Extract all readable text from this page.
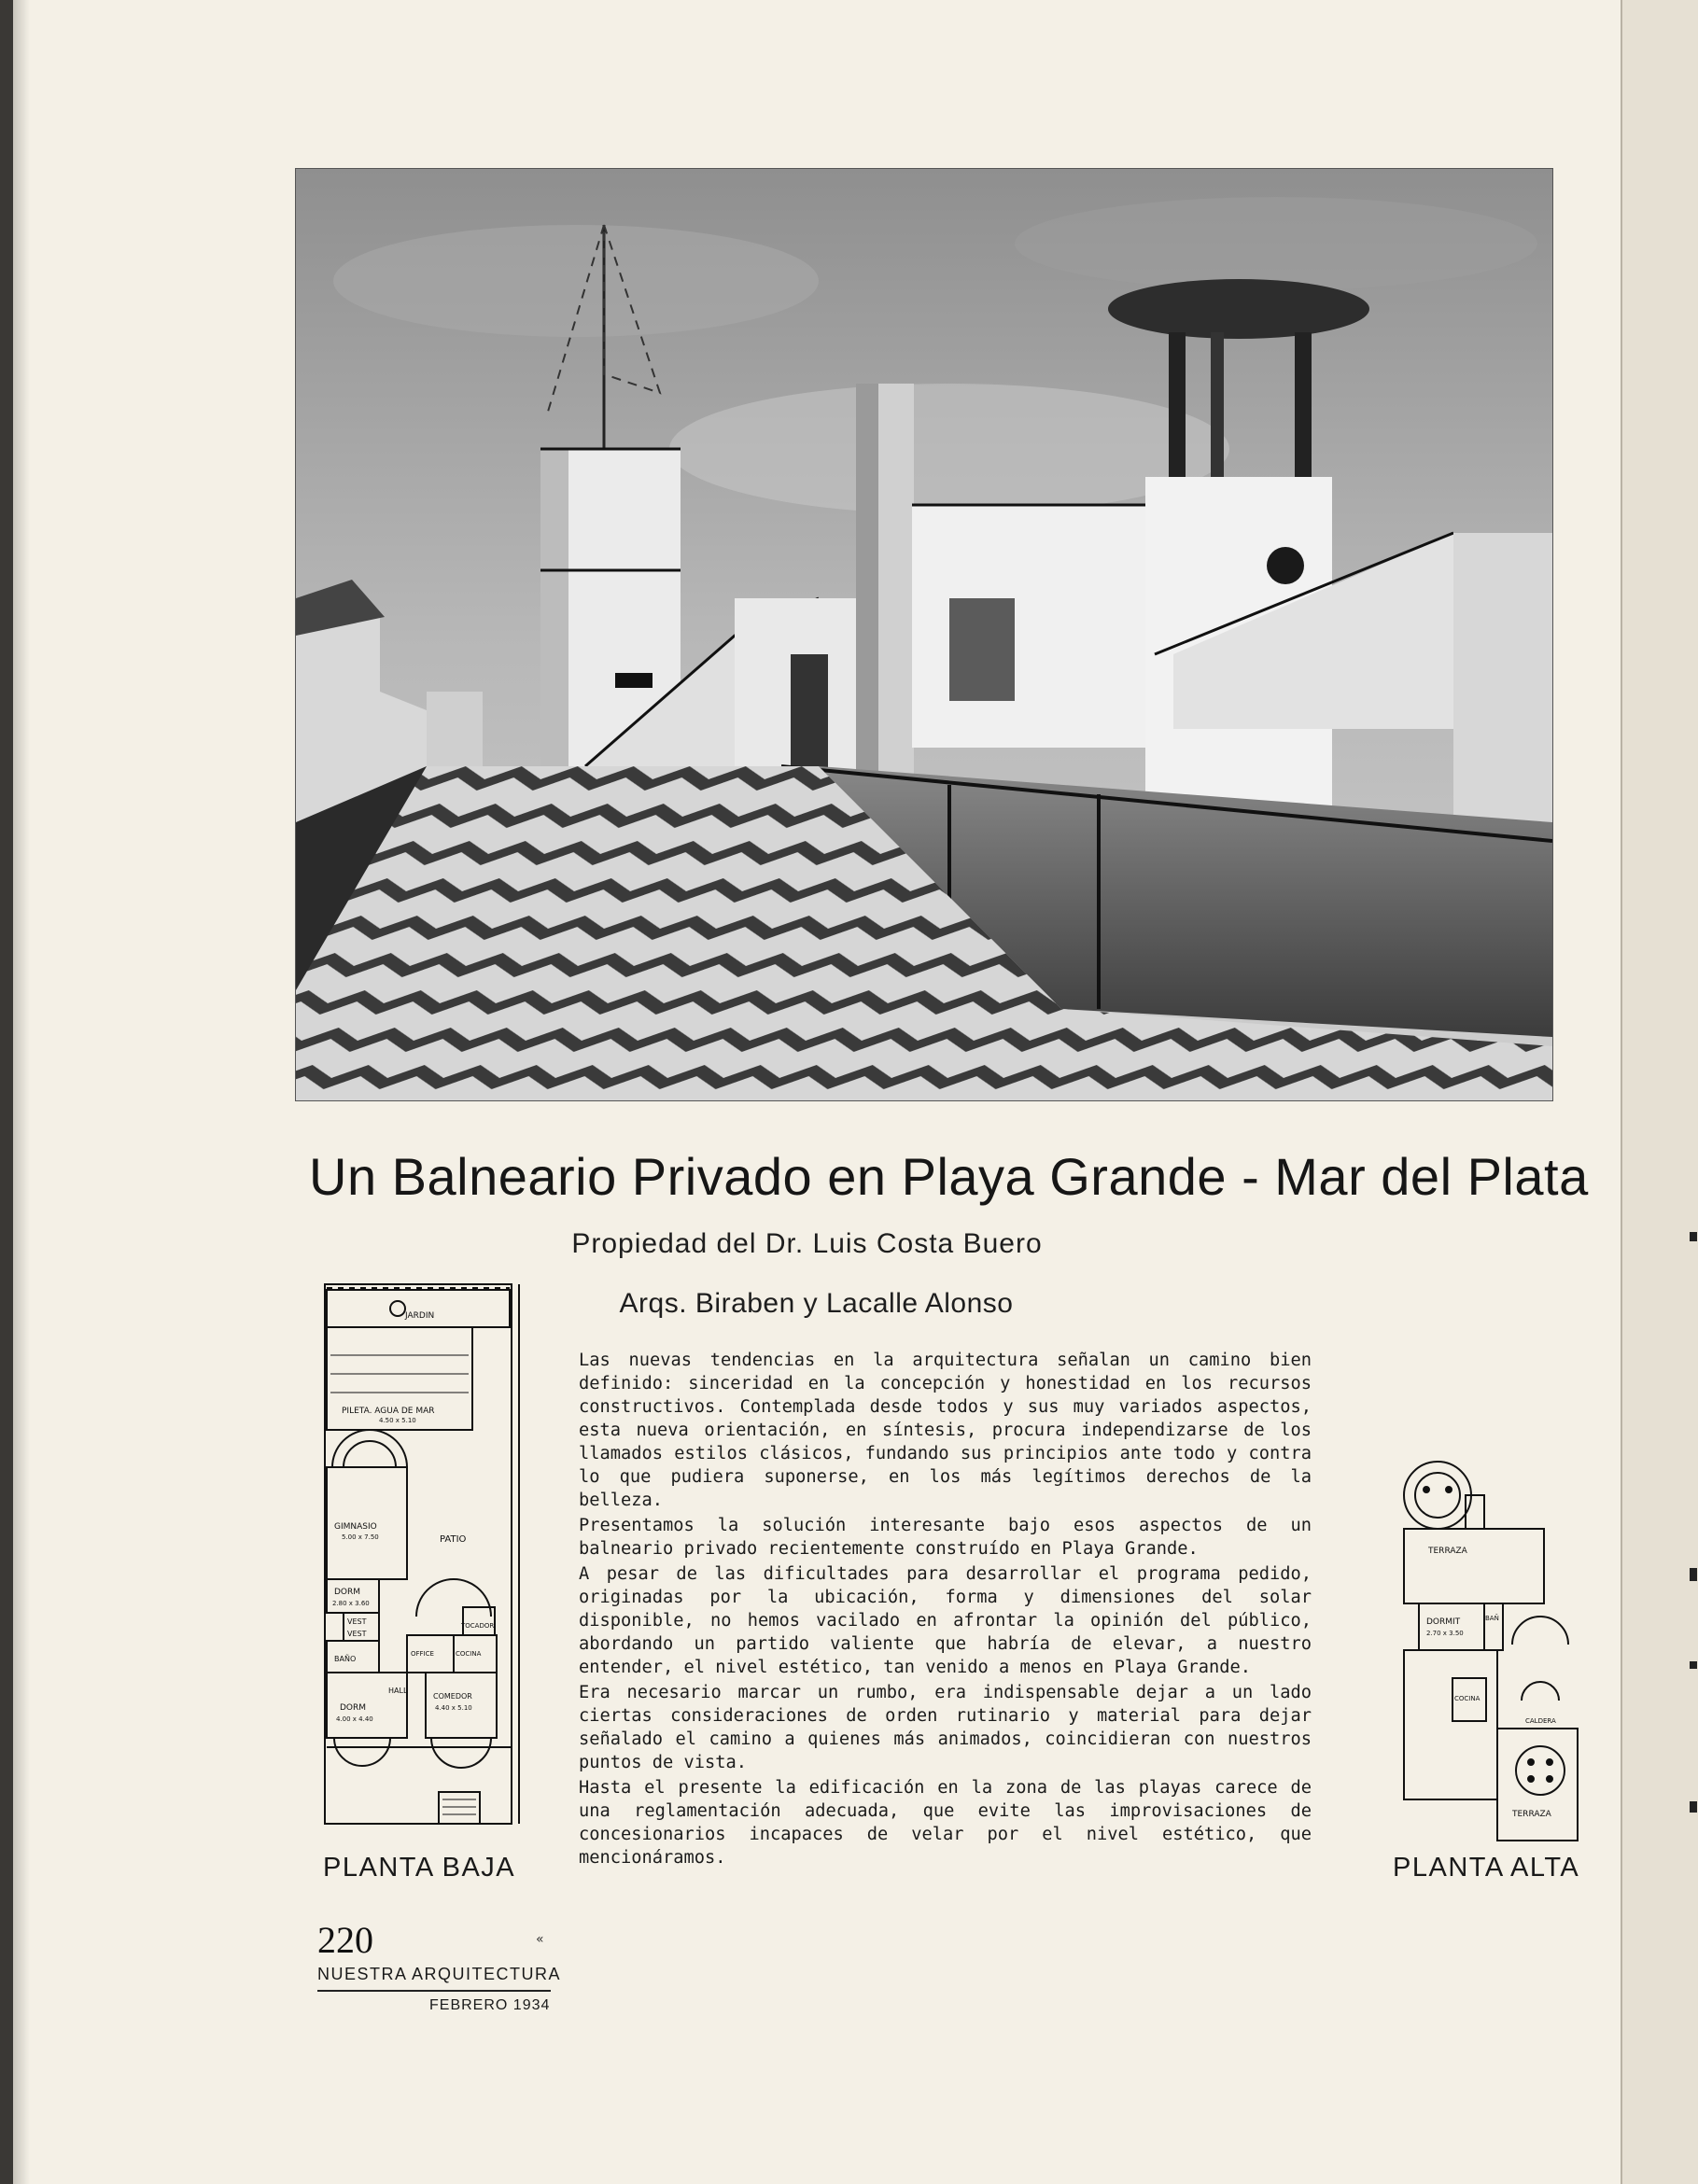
Un Balneario Privado en Playa Grande - Mar del Plata
Propiedad del Dr. Luis Costa Buero
Arqs. Biraben y Lacalle Alonso

Las nuevas tendencias en la arquitectura señalan un camino bien definido: sinceridad en la concepción y honestidad en los recursos constructivos. Contemplada desde todos y sus muy variados aspectos, esta nueva orientación, en síntesis, procura independizarse de los llamados estilos clásicos, fundando sus principios ante todo y contra lo que pudiera suponerse, en los más legítimos derechos de la belleza.

Presentamos la solución interesante bajo esos aspectos de un balneario privado recientemente construído en Playa Grande.

A pesar de las dificultades para desarrollar el programa pedido, originadas por la ubicación, forma y dimensiones del solar disponible, no hemos vacilado en afrontar la opinión del público, abordando un partido valiente que habría de elevar, a nuestro entender, el nivel estético, tan venido a menos en Playa Grande.

Era necesario marcar un rumbo, era indispensable dejar a un lado ciertas consideraciones de orden rutinario y material para dejar señalado el camino a quienes más animados, coincidieran con nuestros puntos de vista.

Hasta el presente la edificación en la zona de las playas carece de una reglamentación adecuada, que evite las improvisaciones de concesionarios incapaces de velar por el nivel estético, que mencionáramos.

JARDIN
PILETA. AGUA DE MAR
4.50 x 5.10
GIMNASIO
5.00 x 7.50	PATIO
DORM
2.80 x 3.60
VEST
VEST
BAÑO
DORM
4.00 x 4.40
TOCADOR
OFFICE	COCINA
HALL
COMEDOR
4.40 x 5.10
PLANTA BAJA
TERRAZA
DORMIT
2.70 x 3.50
BAÑ
COCINA
CALDERA
TERRAZA
PLANTA ALTA
220	«
NUESTRA ARQUITECTURA
FEBRERO 1934
